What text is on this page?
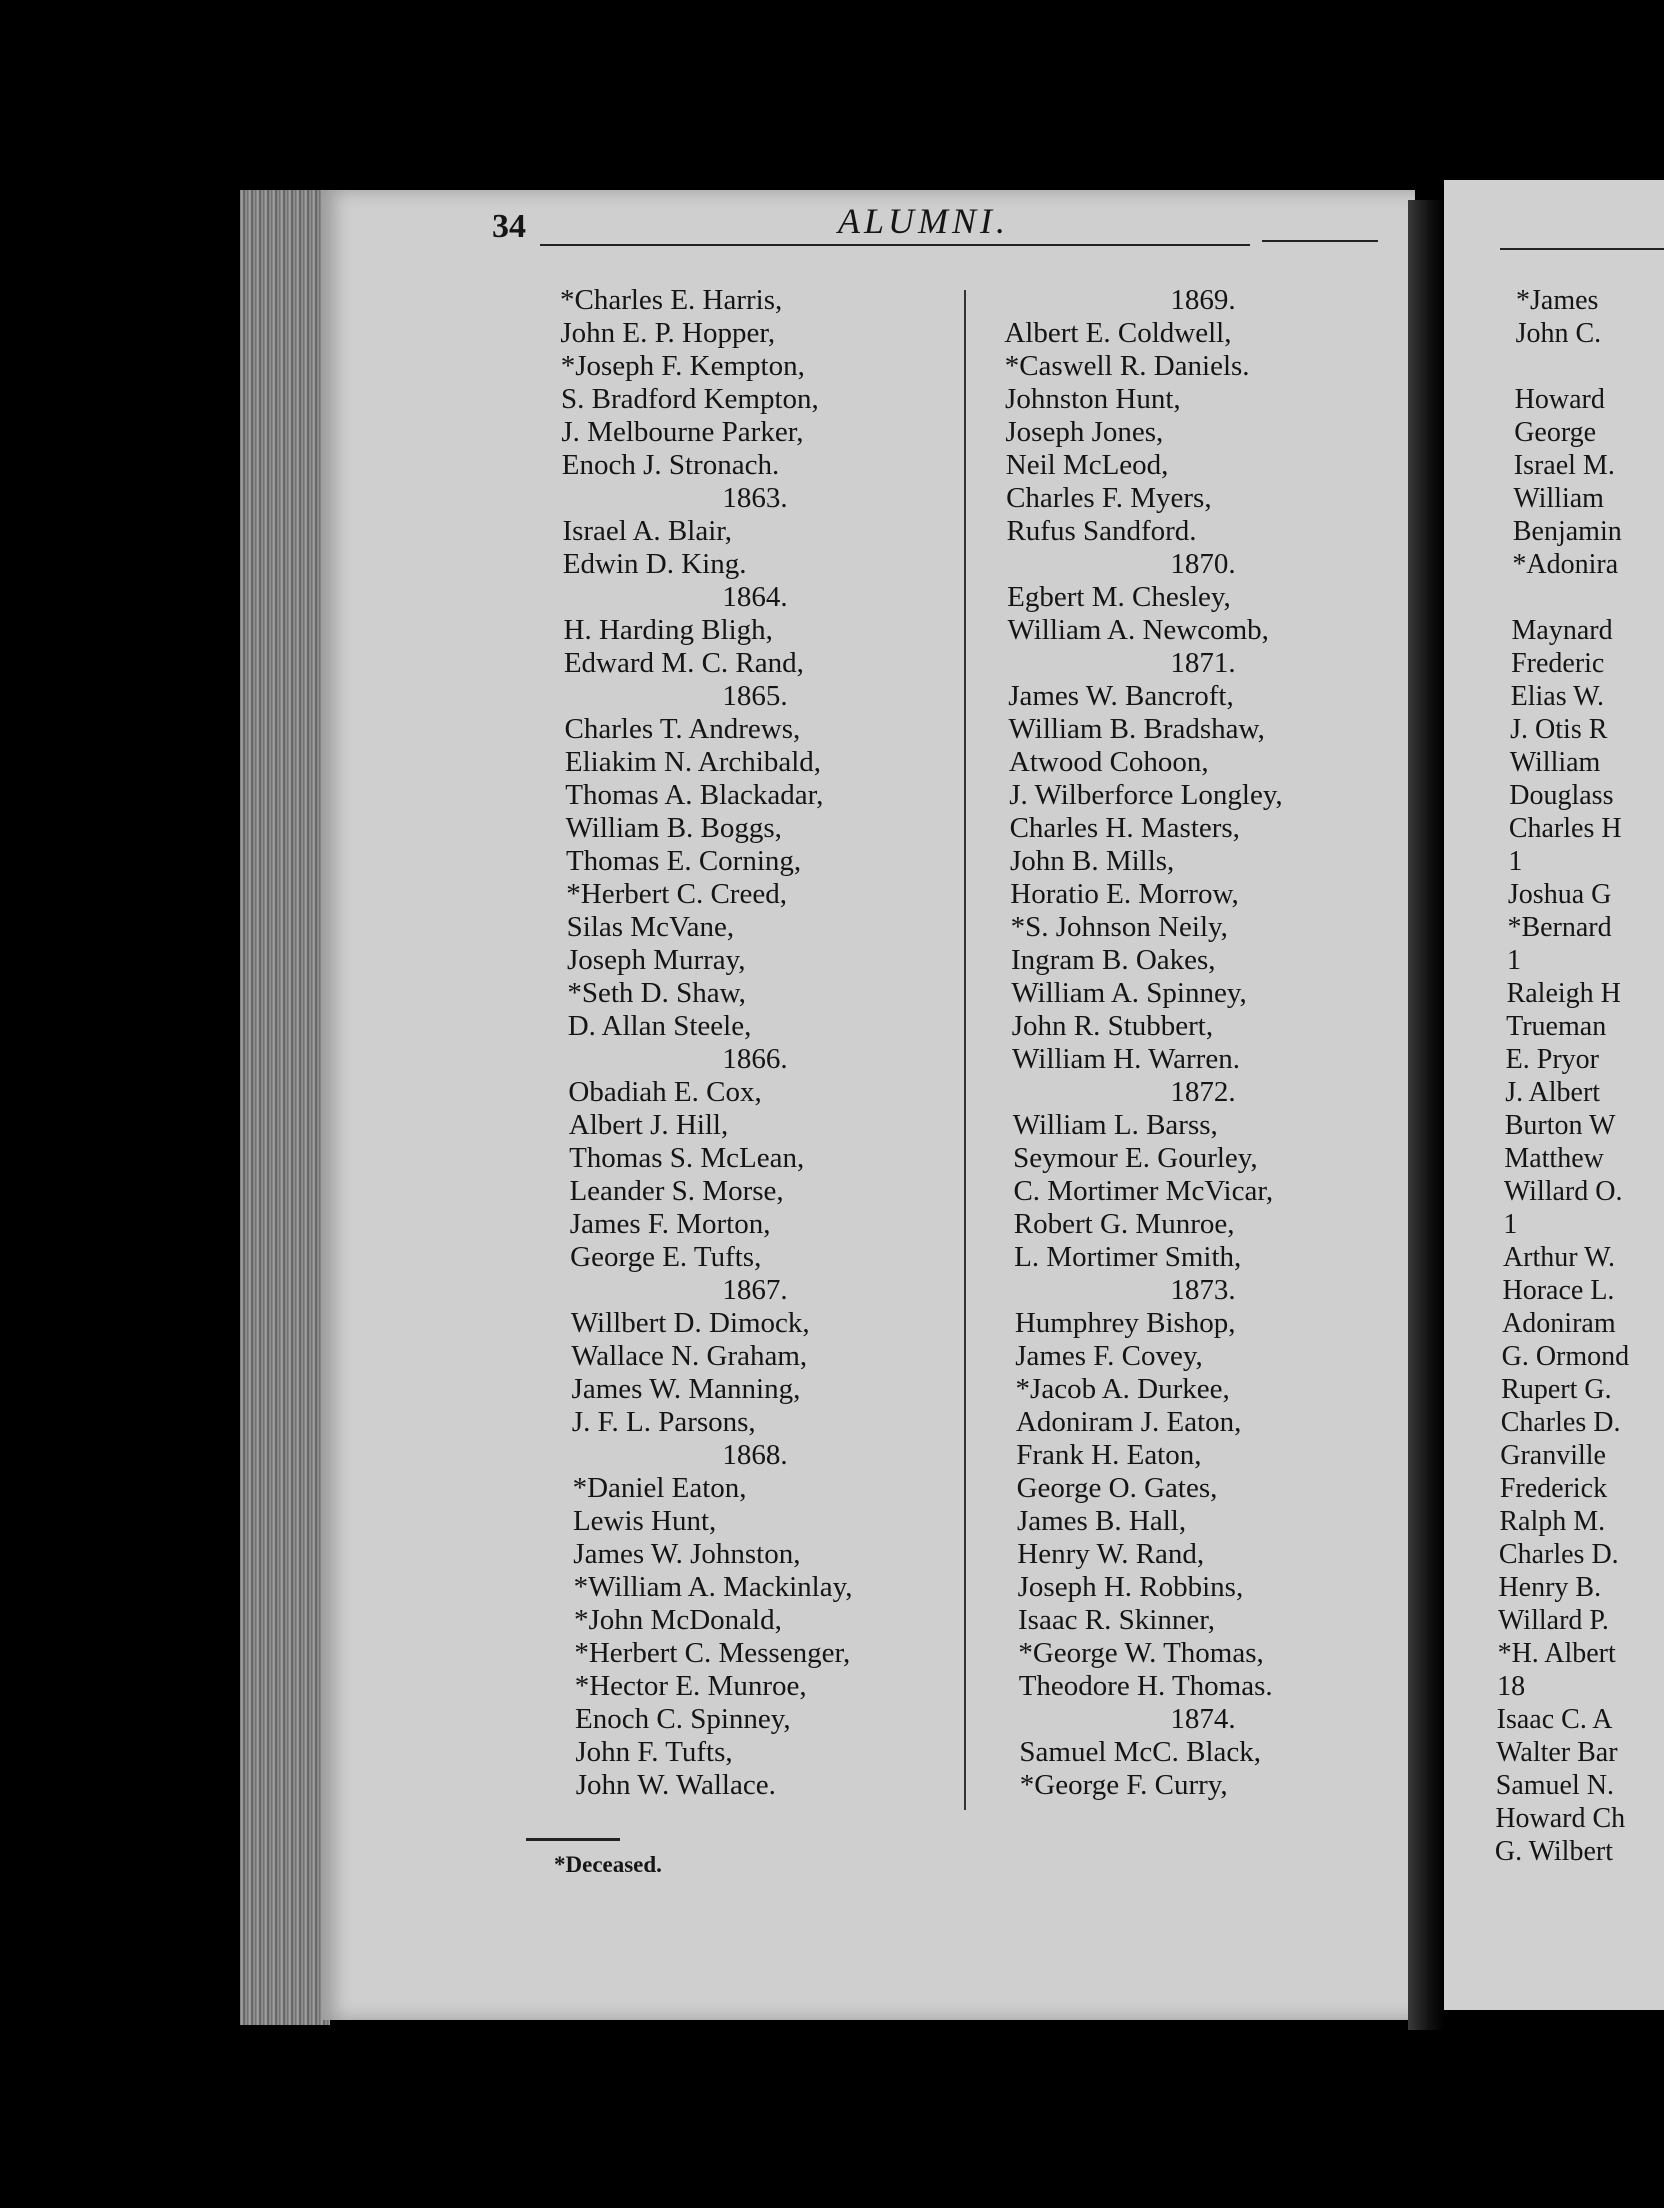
34	ALUMNI.
*Charles E. Harris,
John E. P. Hopper,
*Joseph F. Kempton,
S. Bradford Kempton,
J. Melbourne Parker,
Enoch J. Stronach.
1863.
Israel A. Blair,
Edwin D. King.
1864.
H. Harding Bligh,
Edward M. C. Rand,
1865.
Charles T. Andrews,
Eliakim N. Archibald,
Thomas A. Blackadar,
William B. Boggs,
Thomas E. Corning,
*Herbert C. Creed,
Silas McVane,
Joseph Murray,
*Seth D. Shaw,
D. Allan Steele,
1866.
Obadiah E. Cox,
Albert J. Hill,
Thomas S. McLean,
Leander S. Morse,
James F. Morton,
George E. Tufts,
1867.
Willbert D. Dimock,
Wallace N. Graham,
James W. Manning,
J. F. L. Parsons,
1868.
*Daniel Eaton,
Lewis Hunt,
James W. Johnston,
*William A. Mackinlay,
*John McDonald,
*Herbert C. Messenger,
*Hector E. Munroe,
Enoch C. Spinney,
John F. Tufts,
John W. Wallace.
1869.
Albert E. Coldwell,
*Caswell R. Daniels.
Johnston Hunt,
Joseph Jones,
Neil McLeod,
Charles F. Myers,
Rufus Sandford.
1870.
Egbert M. Chesley,
William A. Newcomb,
1871.
James W. Bancroft,
William B. Bradshaw,
Atwood Cohoon,
J. Wilberforce Longley,
Charles H. Masters,
John B. Mills,
Horatio E. Morrow,
*S. Johnson Neily,
Ingram B. Oakes,
William A. Spinney,
John R. Stubbert,
William H. Warren.
1872.
William L. Barss,
Seymour E. Gourley,
C. Mortimer McVicar,
Robert G. Munroe,
L. Mortimer Smith,
1873.
Humphrey Bishop,
James F. Covey,
*Jacob A. Durkee,
Adoniram J. Eaton,
Frank H. Eaton,
George O. Gates,
James B. Hall,
Henry W. Rand,
Joseph H. Robbins,
Isaac R. Skinner,
*George W. Thomas,
Theodore H. Thomas.
1874.
Samuel McC. Black,
*George F. Curry,
*Deceased.
*James
John C.
Howard
George
Israel M.
William
Benjamin
*Adonira
Maynard
Frederic
Elias W.
J. Otis R
William
Douglass
Charles H
1
Joshua G
*Bernard
1
Raleigh H
Trueman
E. Pryor
J. Albert
Burton W
Matthew
Willard O.
1
Arthur W.
Horace L.
Adoniram
G. Ormond
Rupert G.
Charles D.
Granville
Frederick
Ralph M.
Charles D.
Henry B.
Willard P.
*H. Albert
18
Isaac C. A
Walter Bar
Samuel N.
Howard Ch
G. Wilbert
